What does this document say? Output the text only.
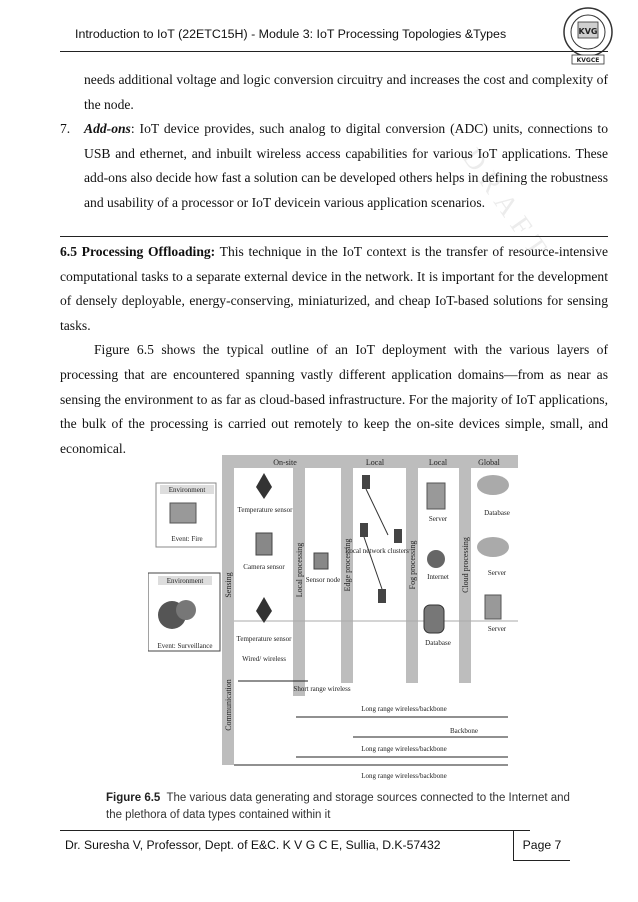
Introduction to IoT (22ETC15H) - Module 3: IoT Processing Topologies &Types	KVG
KVGCE
DRAFT

needs additional voltage and logic conversion circuitry and increases the cost and complexity of the node.

7. Add-ons: IoT device provides, such analog to digital conversion (ADC) units, connections to USB and ethernet, and inbuilt wireless access capabilities for various IoT applications. These add-ons also decide how fast a solution can be developed others helps in defining the robustness and usability of a processor or IoT devicein various application scenarios.

6.5 Processing Offloading: This technique in the IoT context is the transfer of resource-intensive computational tasks to a separate external device in the network. It is important for the development of densely deployable, energy-conserving, miniaturized, and cheap IoT-based solutions for sensing tasks.

Figure 6.5 shows the typical outline of an IoT deployment with the various layers of processing that are encountered spanning vastly different application domains—from as near as sensing the environment to as far as cloud-based infrastructure. For the majority of IoT applications, the bulk of the processing is carried out remotely to keep the on-site devices simple, small, and economical.

On-site	Local	Local	Global
Sensing	Local processing	Edge processing	Fog processing	Cloud processing
Communication
Environment
Event: Fire
Environment
Event: Surveillance
Temperature sensor
Camera sensor
Temperature sensor
Sensor node
Local network clusters
Server
Internet
Database
Database
Server
Server
Wired/ wireless
Short range wireless
Long range wireless/backbone
Backbone
Long range wireless/backbone
Long range wireless/backbone
Figure 6.5 The various data generating and storage sources connected to the Internet and the plethora of data types contained within it
Dr. Suresha V, Professor, Dept. of E&C. K V G C E, Sullia, D.K-57432	Page 7
